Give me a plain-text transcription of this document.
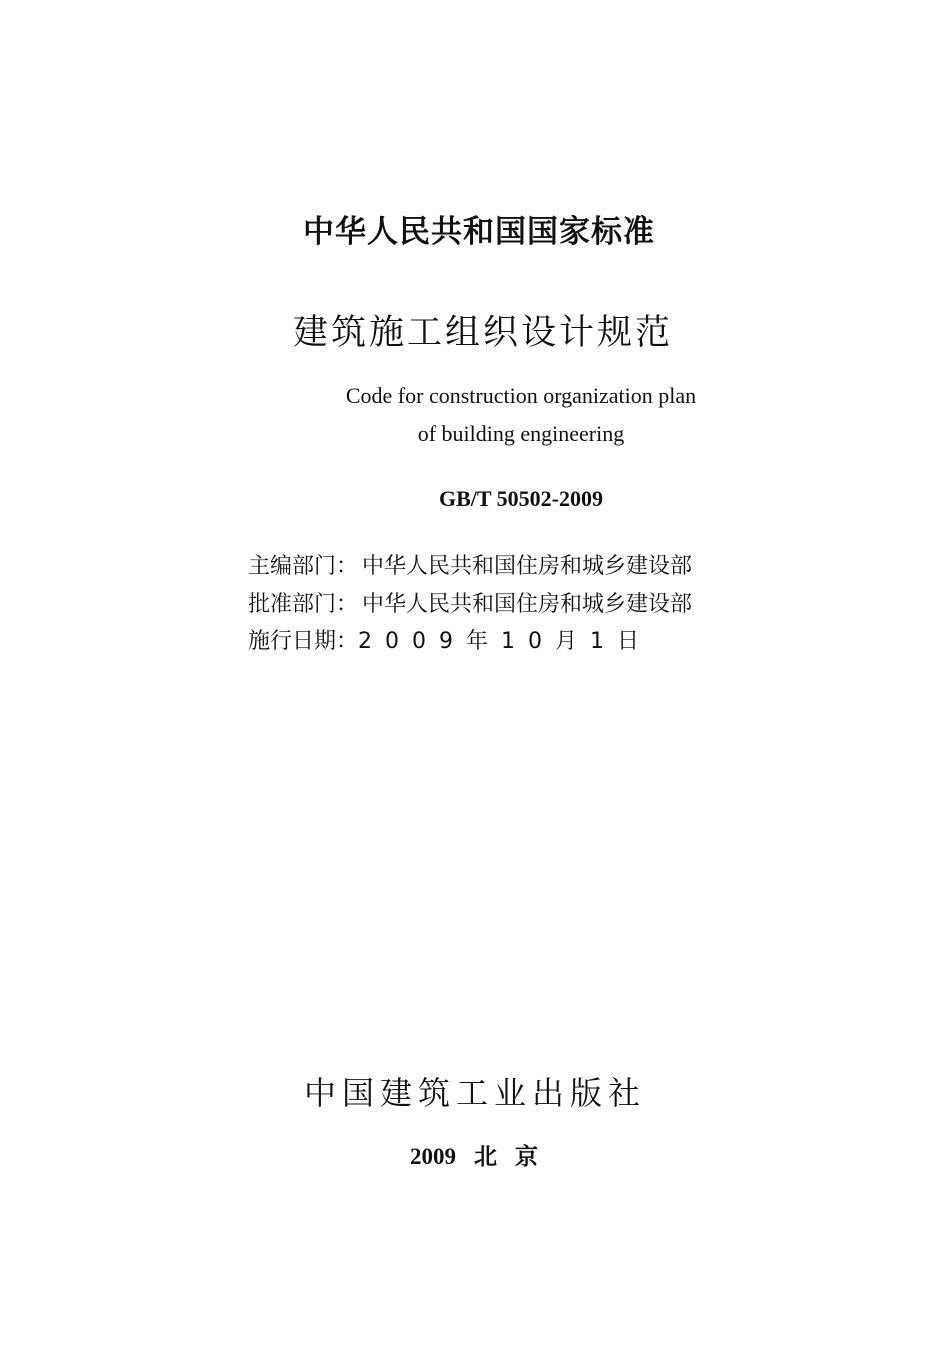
中华人民共和国国家标准
建筑施工组织设计规范
Code for construction organization plan
of building engineering
GB/T 50502-2009
主编部门： 中华人民共和国住房和城乡建设部
批准部门： 中华人民共和国住房和城乡建设部
施行日期：2009年10月1日
中国建筑工业出版社
2009 北京
